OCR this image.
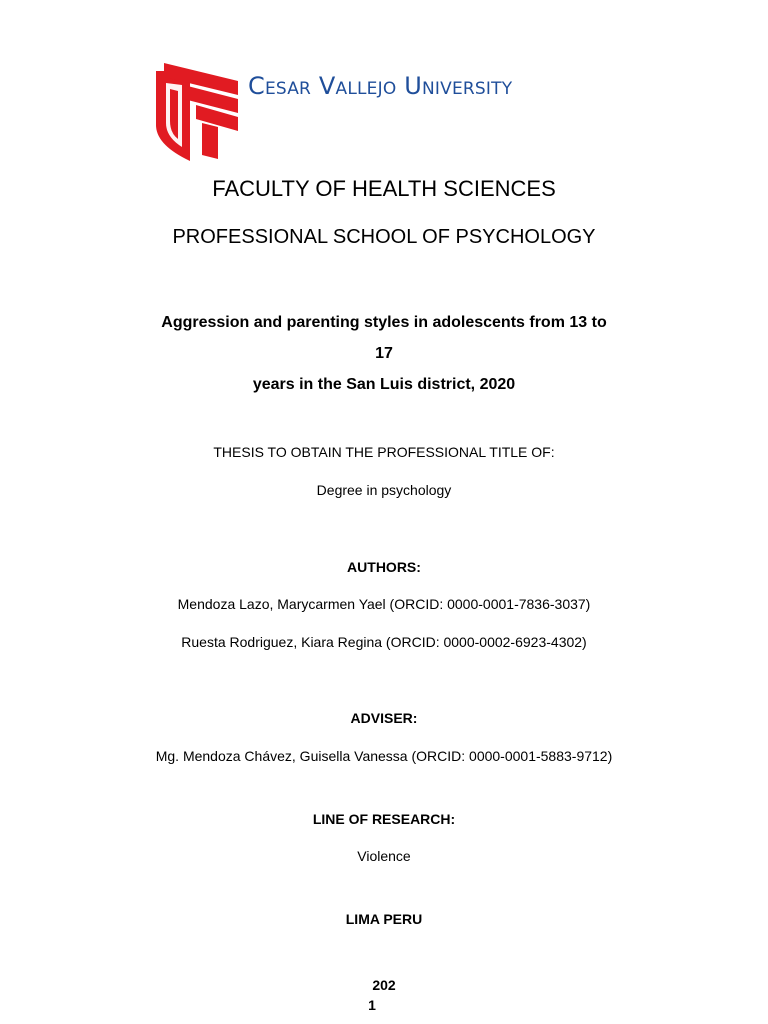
Cesar Vallejo University
FACULTY OF HEALTH SCIENCES
PROFESSIONAL SCHOOL OF PSYCHOLOGY
Aggression and parenting styles in adolescents from 13 to
17
years in the San Luis district, 2020
THESIS TO OBTAIN THE PROFESSIONAL TITLE OF:
Degree in psychology
AUTHORS:
Mendoza Lazo, Marycarmen Yael (ORCID: 0000-0001-7836-3037)
Ruesta Rodriguez, Kiara Regina (ORCID: 0000-0002-6923-4302)
ADVISER:
Mg. Mendoza Chávez, Guisella Vanessa (ORCID: 0000-0001-5883-9712)
LINE OF RESEARCH:
Violence
LIMA PERU
202
1
